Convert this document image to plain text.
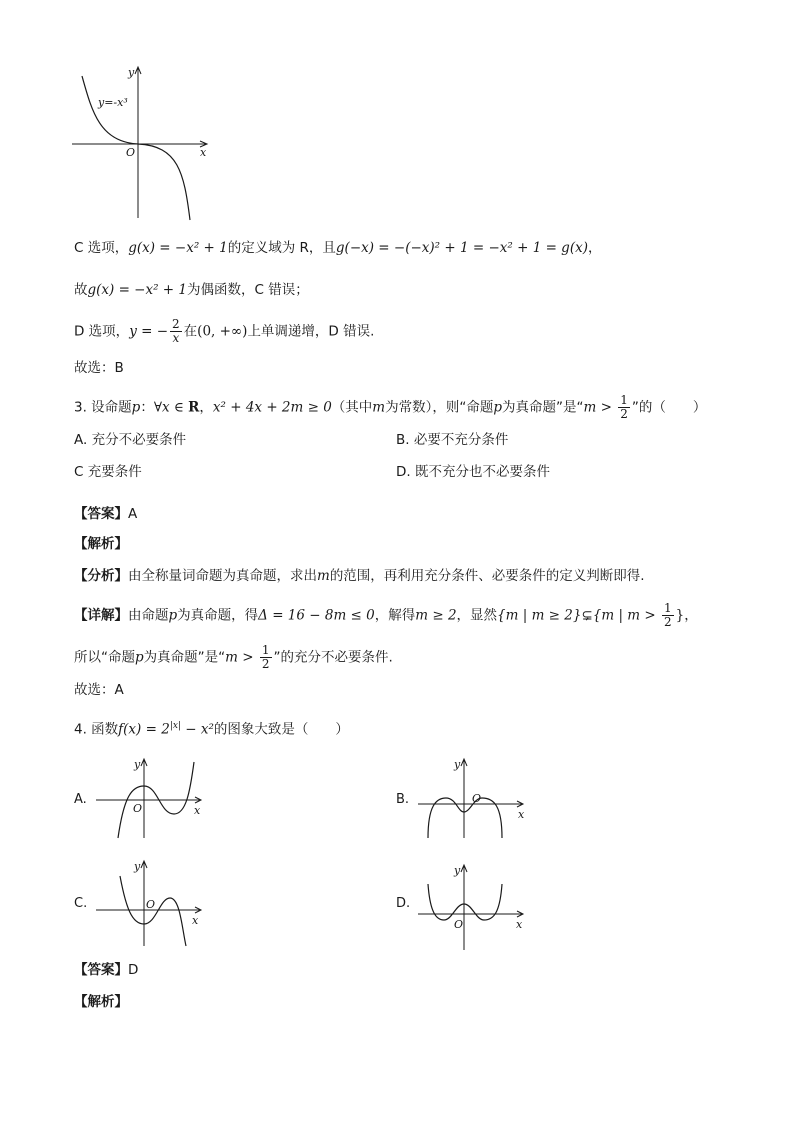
y=-x³
O	x
y
C 选项，g(x) = −x² + 1的定义域为 R，且g(−x) = −(−x)² + 1 = −x² + 1 = g(x)，
故g(x) = −x² + 1为偶函数，C 错误；
D 选项，y = − $\frac{2}{x}$ 在(0, +∞)上单调递增，D 错误.
故选：B
3. 设命题p：∀x ∈ R，x² + 4x + 2m ≥ 0（其中m为常数），则“命题p为真命题”是“$m > \frac{1}{2}$ ”的（　　）
A. 充分不必要条件	B. 必要不充分条件
C 充要条件	D. 既不充分也不必要条件
【答案】A
【解析】
【分析】由全称量词命题为真命题，求出m的范围，再利用充分条件、必要条件的定义判断即得.
【详解】由命题p为真命题，得Δ = 16 − 8m ≤ 0，解得m ≥ 2，显然{m | m ≥ 2}⊊{m | $m > \frac{1}{2}$ }，
所以“命题p为真命题”是“$m > \frac{1}{2}$ ”的充分不必要条件.
故选：A
4. 函数$f(x) = 2^{|x|} - x^2$的图象大致是（　　）
A.
O	x
y
B.	O
x
y
C.	O
x
y
D.
O	x
y
【答案】D
【解析】
